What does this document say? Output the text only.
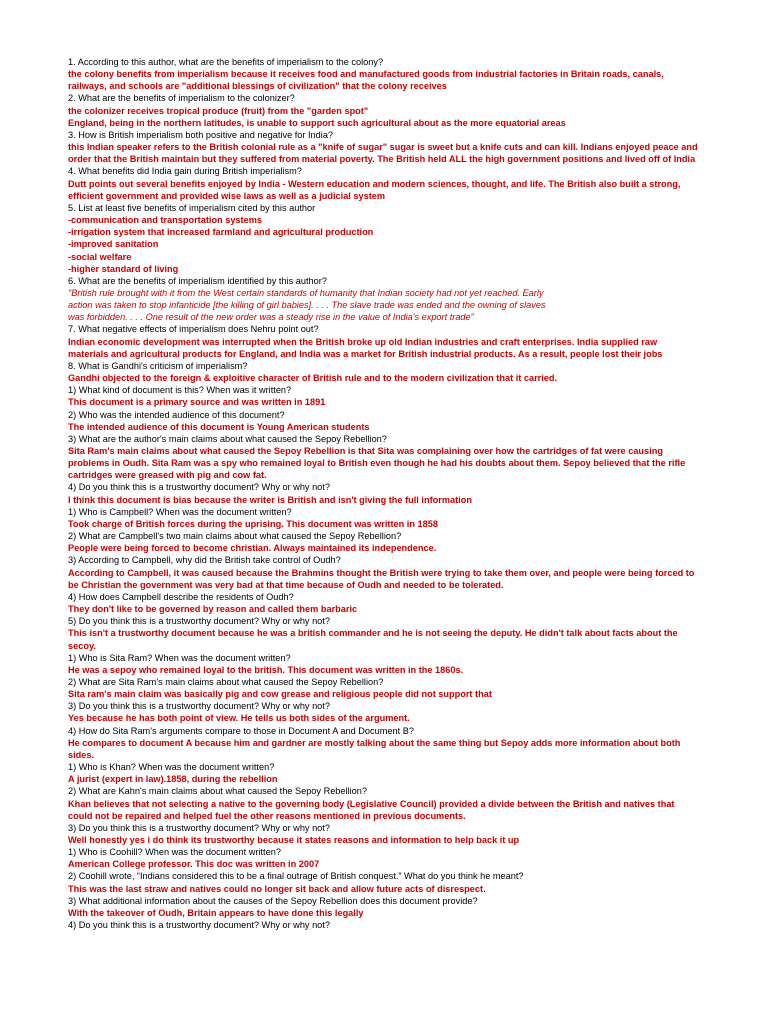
1. According to this author, what are the benefits of imperialism to the colony?

the colony benefits from imperialism because it receives food and manufactured goods from industrial factories in Britain roads, canals, railways, and schools are "additional blessings of civilization" that the colony receives

2. What are the benefits of imperialism to the colonizer?

the colonizer receives tropical produce (fruit) from the "garden spot"

England, being in the northern latitudes, is unable to support such agricultural about as the more equatorial areas

3. How is British imperialism both positive and negative for India?

this Indian speaker refers to the British colonial rule as a "knife of sugar" sugar is sweet but a knife cuts and can kill. Indians enjoyed peace and order that the British maintain but they suffered from material poverty. The British held ALL the high government positions and lived off of India

4. What benefits did India gain during British imperialism?

Dutt points out several benefits enjoyed by India - Western education and modern sciences, thought, and life. The British also built a strong, efficient government and provided wise laws as well as a judicial system

5. List at least five benefits of imperialism cited by this author

-communication and transportation systems

-irrigation system that increased farmland and agricultural production

-improved sanitation

-social welfare

-higher standard of living

6. What are the benefits of imperialism identified by this author?

"British rule brought with it from the West certain standards of humanity that Indian society had not yet reached. Early

action was taken to stop infanticide [the killing of girl babies]. . . . The slave trade was ended and the owning of slaves

was forbidden. . . . One result of the new order was a steady rise in the value of India's export trade"

7. What negative effects of imperialism does Nehru point out?

Indian economic development was interrupted when the British broke up old Indian industries and craft enterprises. India supplied raw materials and agricultural products for England, and India was a market for British industrial products. As a result, people lost their jobs

8. What is Gandhi's criticism of imperialism?

Gandhi objected to the foreign & exploitive character of British rule and to the modern civilization that it carried.

1) What kind of document is this? When was it written?

This document is a primary source and was written in 1891

2) Who was the intended audience of this document?

The intended audience of this document is Young American students

3) What are the author's main claims about what caused the Sepoy Rebellion?

Sita Ram's main claims about what caused the Sepoy Rebellion is that Sita was complaining over how the cartridges of fat were causing problems in Oudh. Sita Ram was a spy who remained loyal to British even though he had his doubts about them. Sepoy believed that the rifle cartridges were greased with pig and cow fat.

4) Do you think this is a trustworthy document? Why or why not?

I think this document is bias because the writer is British and isn't giving the full information

1) Who is Campbell? When was the document written?

Took charge of British forces during the uprising. This document was written in 1858

2) What are Campbell's two main claims about what caused the Sepoy Rebellion?

People were being forced to become christian. Always maintained its independence.

3) According to Campbell, why did the British take control of Oudh?

According to Campbell, it was caused because the Brahmins thought the British were trying to take them over, and people were being forced to be Christian the government was very bad at that time because of Oudh and needed to be tolerated.

4) How does Campbell describe the residents of Oudh?

They don't like to be governed by reason and called them barbaric

5) Do you think this is a trustworthy document? Why or why not?

This isn't a trustworthy document because he was a british commander and he is not seeing the deputy. He didn't talk about facts about the secoy.

1) Who is Sita Ram? When was the document written?

He was a sepoy who remained loyal to the british. This document was written in the 1860s.

2) What are Sita Ram's main claims about what caused the Sepoy Rebellion?

Sita ram's main claim was basically pig and cow grease and religious people did not support that

3) Do you think this is a trustworthy document? Why or why not?

Yes because he has both point of view. He tells us both sides of the argument.

4) How do Sita Ram's arguments compare to those in Document A and Document B?

He compares to document A because him and gardner are mostly talking about the same thing but Sepoy adds more information about both sides.

1) Who is Khan? When was the document written?

A jurist (expert in law).1858, during the rebellion

2) What are Kahn's main claims about what caused the Sepoy Rebellion?

Khan believes that not selecting a native to the governing body (Legislative Council) provided a divide between the British and natives that could not be repaired and helped fuel the other reasons mentioned in previous documents.

3) Do you think this is a trustworthy document? Why or why not?

Well honestly yes i do think its trustworthy because it states reasons and information to help back it up

1) Who is Coohill? When was the document written?

American College professor. This doc was written in 2007

2) Coohill wrote, “Indians considered this to be a final outrage of British conquest.” What do you think he meant?

This was the last straw and natives could no longer sit back and allow future acts of disrespect.

3) What additional information about the causes of the Sepoy Rebellion does this document provide?

With the takeover of Oudh, Britain appears to have done this legally

4) Do you think this is a trustworthy document? Why or why not?
